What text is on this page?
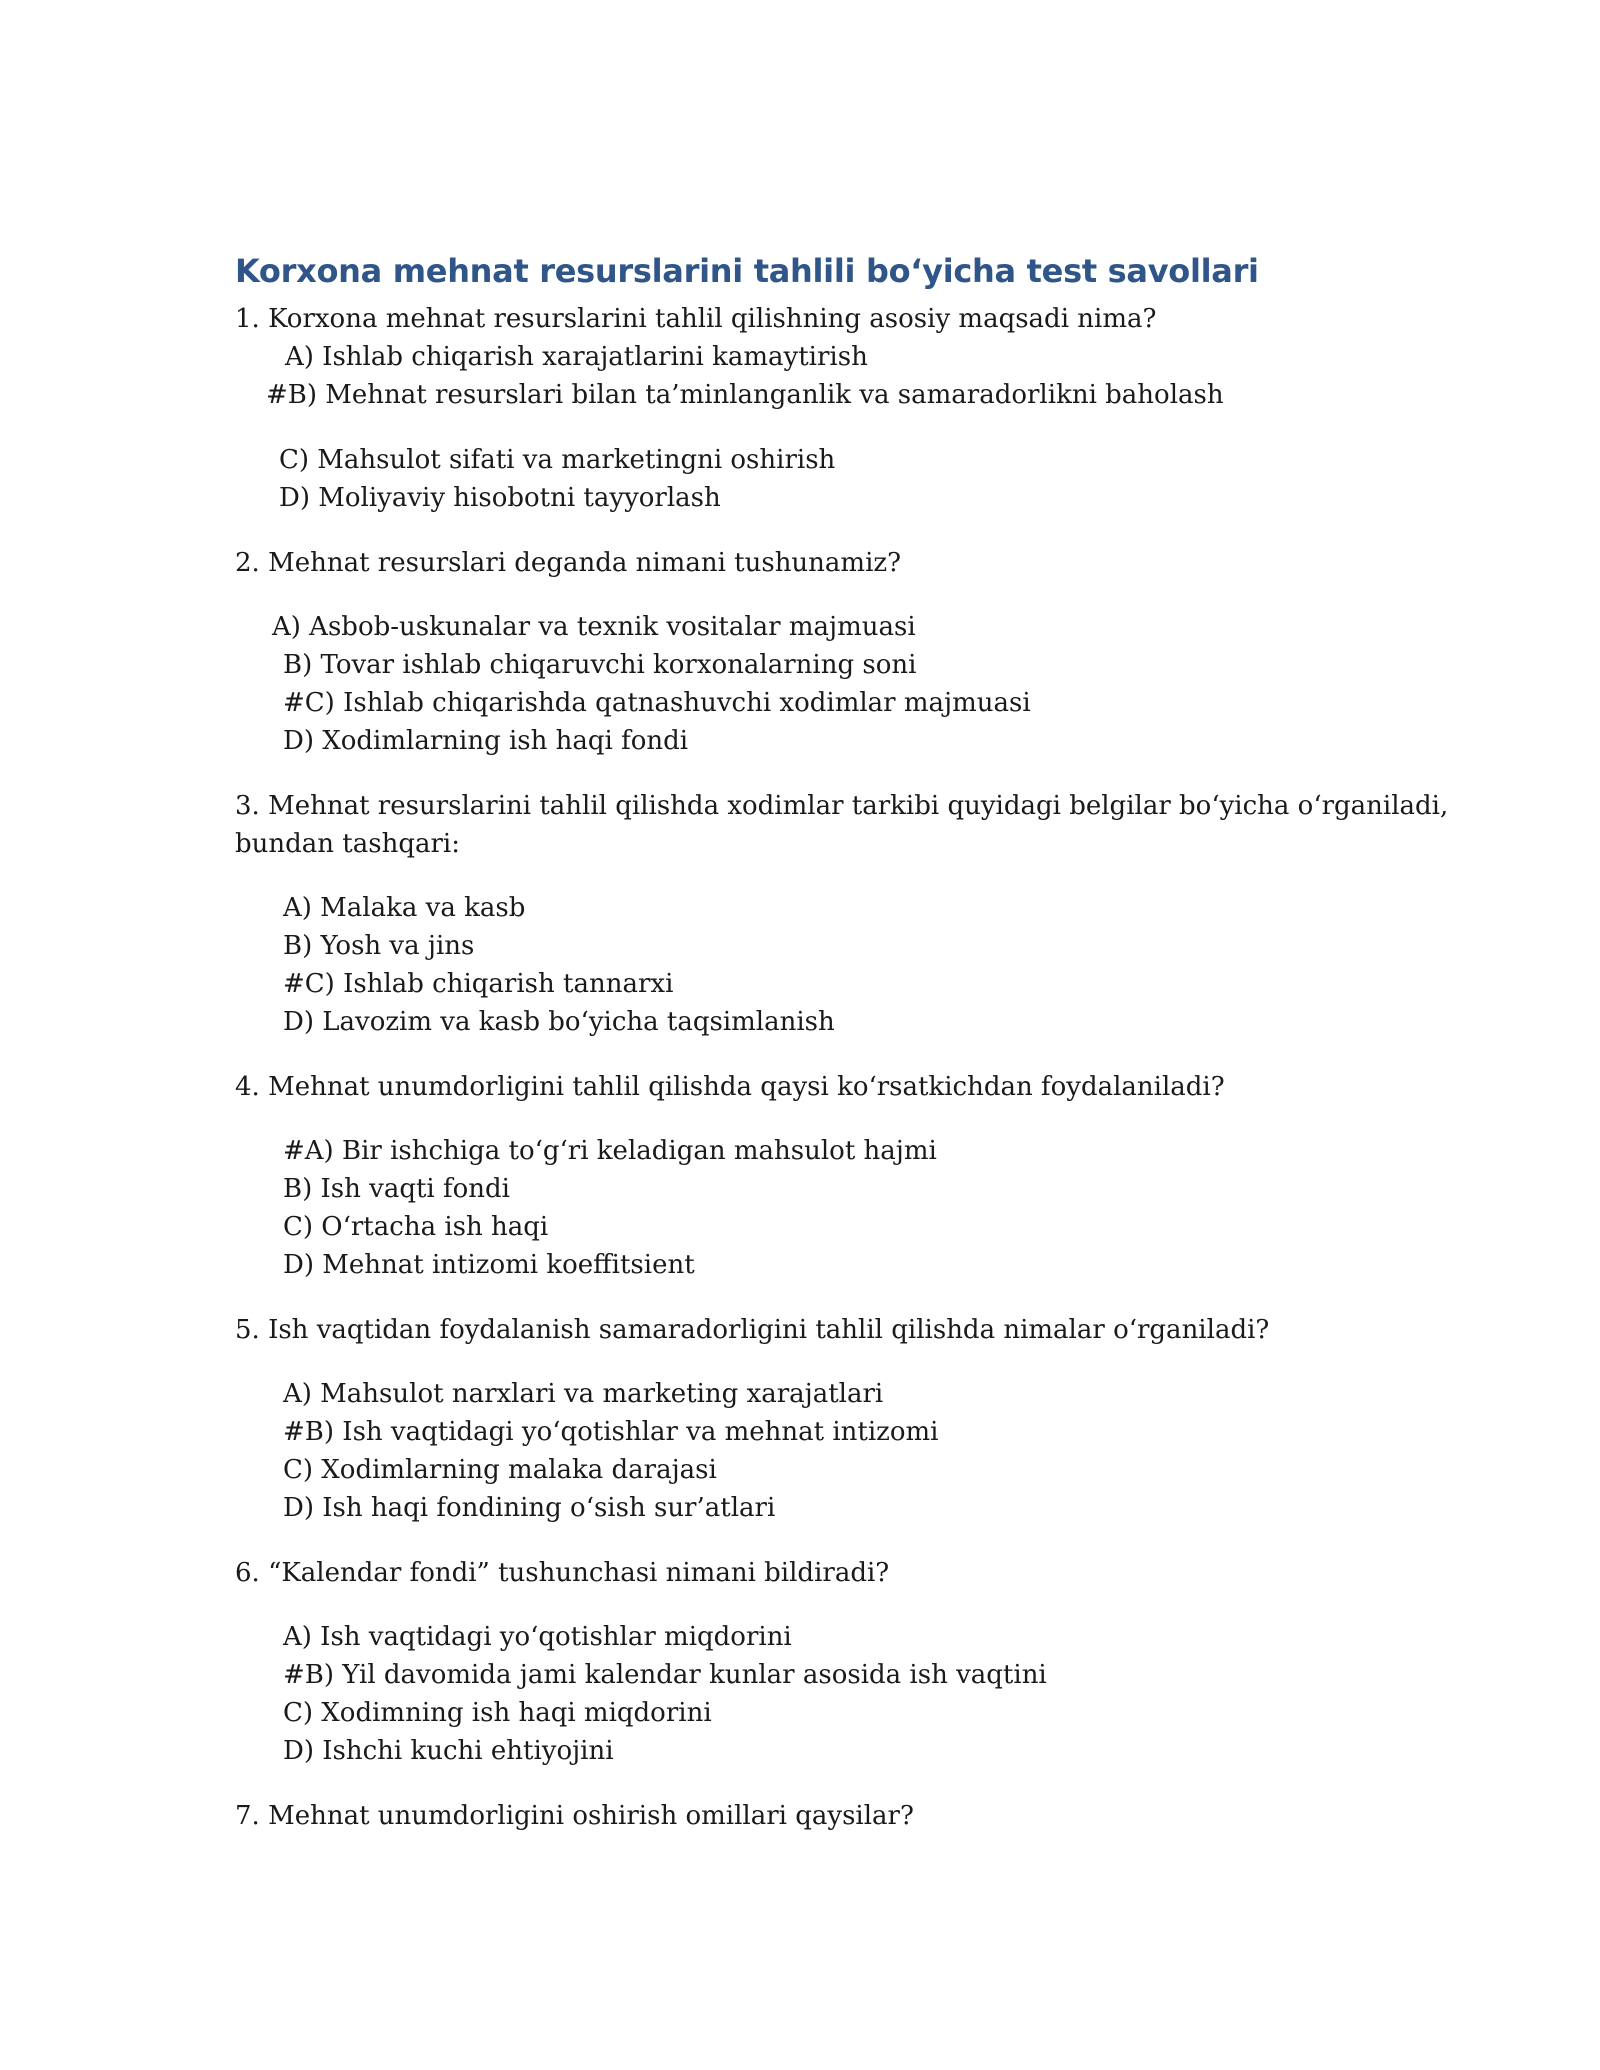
Korxona mehnat resurslarini tahlili bo‘yicha test savollari
1. Korxona mehnat resurslarini tahlil qilishning asosiy maqsadi nima?
A) Ishlab chiqarish xarajatlarini kamaytirish
#B) Mehnat resurslari bilan ta’minlanganlik va samaradorlikni baholash
C) Mahsulot sifati va marketingni oshirish
D) Moliyaviy hisobotni tayyorlash
2. Mehnat resurslari deganda nimani tushunamiz?
A) Asbob-uskunalar va texnik vositalar majmuasi
B) Tovar ishlab chiqaruvchi korxonalarning soni
#C) Ishlab chiqarishda qatnashuvchi xodimlar majmuasi
D) Xodimlarning ish haqi fondi
3. Mehnat resurslarini tahlil qilishda xodimlar tarkibi quyidagi belgilar bo‘yicha o‘rganiladi,
bundan tashqari:
A) Malaka va kasb
B) Yosh va jins
#C) Ishlab chiqarish tannarxi
D) Lavozim va kasb bo‘yicha taqsimlanish
4. Mehnat unumdorligini tahlil qilishda qaysi ko‘rsatkichdan foydalaniladi?
#A) Bir ishchiga to‘g‘ri keladigan mahsulot hajmi
B) Ish vaqti fondi
C) O‘rtacha ish haqi
D) Mehnat intizomi koeffitsient
5. Ish vaqtidan foydalanish samaradorligini tahlil qilishda nimalar o‘rganiladi?
A) Mahsulot narxlari va marketing xarajatlari
#B) Ish vaqtidagi yo‘qotishlar va mehnat intizomi
C) Xodimlarning malaka darajasi
D) Ish haqi fondining o‘sish sur’atlari
6. “Kalendar fondi” tushunchasi nimani bildiradi?
A) Ish vaqtidagi yo‘qotishlar miqdorini
#B) Yil davomida jami kalendar kunlar asosida ish vaqtini
C) Xodimning ish haqi miqdorini
D) Ishchi kuchi ehtiyojini
7. Mehnat unumdorligini oshirish omillari qaysilar?
